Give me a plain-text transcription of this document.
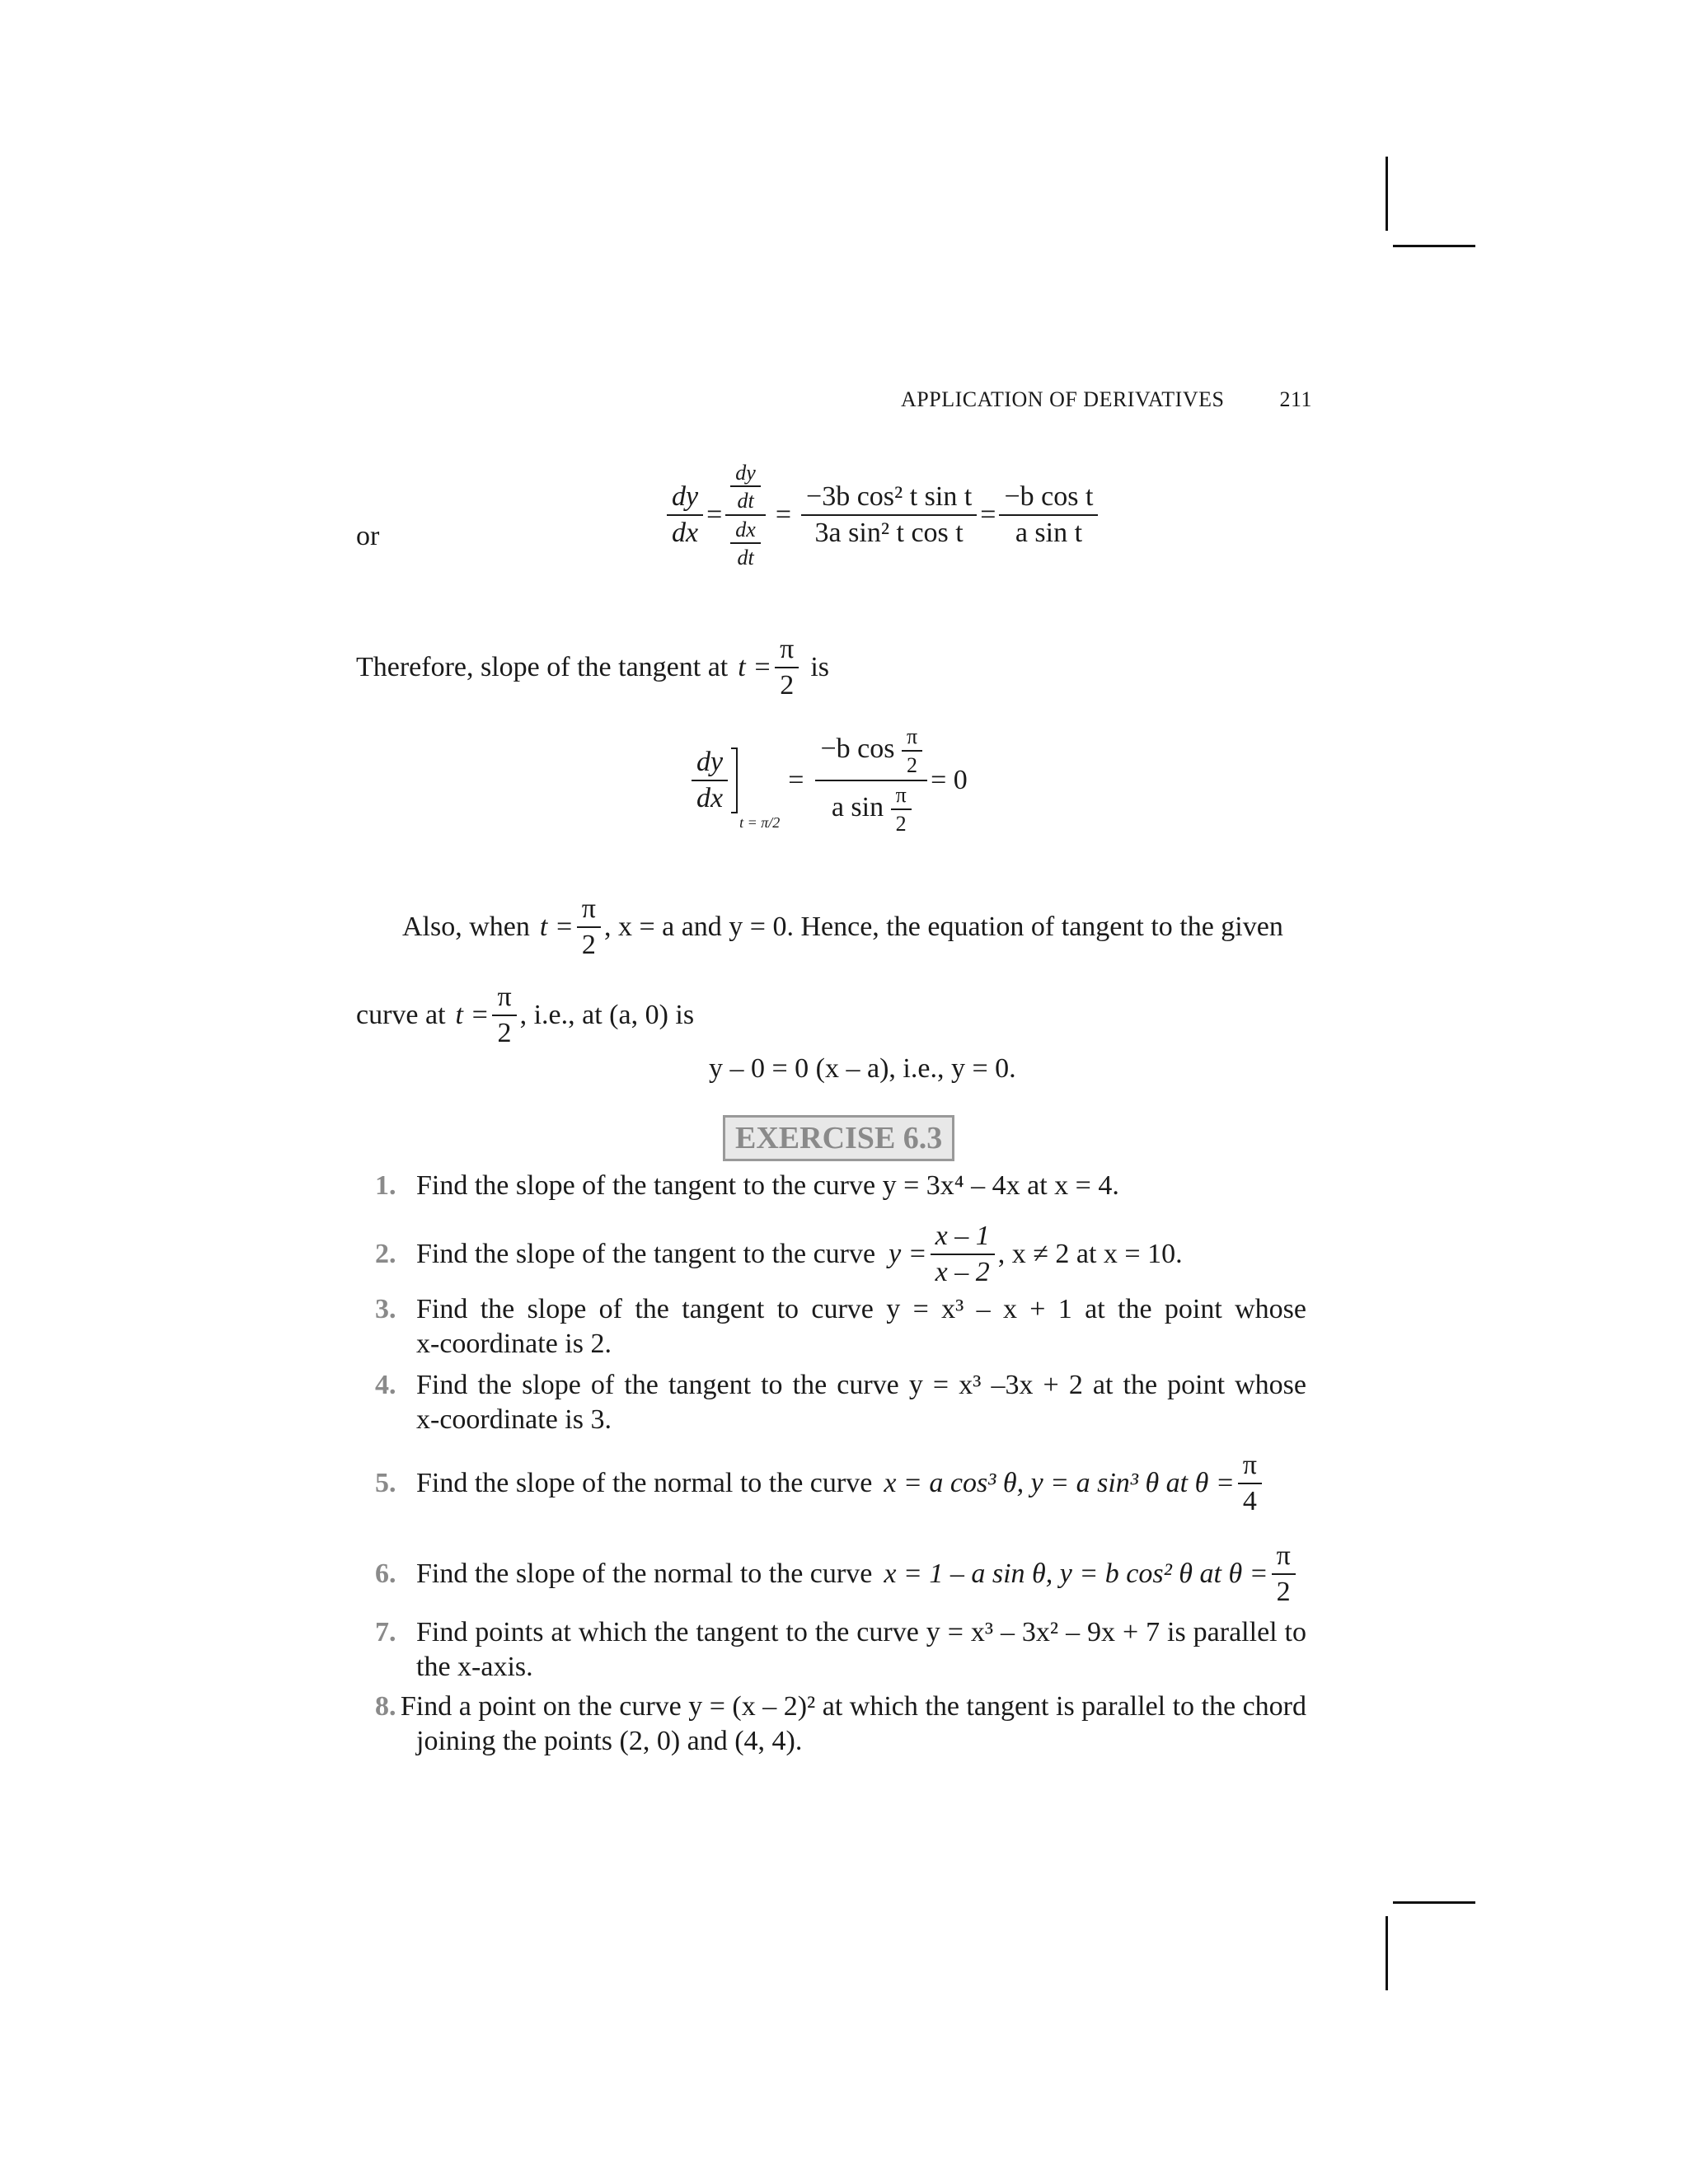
APPLICATION OF DERIVATIVES	211
or	$\frac{dy}{dx} = \frac{\frac{dy}{dt}}{\frac{dx}{dt}} = \frac{\text{−3b cos² t sin t}}{\text{3a sin² t cos t}} = \frac{\text{−b cos t}}{\text{a sin t}}$
Therefore, slope of the tangent at $t = \frac{\pi}{2}$ is
$\frac{dy}{dx}$
t = π/2
= $\frac{-b \cos \frac{\pi}{2}}{a \sin \frac{\pi}{2}} = 0$
Also, when $t = \frac{\pi}{2}$ , x = a and y = 0. Hence, the equation of tangent to the given
curve at $t = \frac{\pi}{2}$ , i.e., at (a, 0) is
y – 0 = 0 (x – a), i.e., y = 0.
EXERCISE 6.3
1. Find the slope of the tangent to the curve y = 3x⁴ – 4x at x = 4.
2. Find the slope of the tangent to the curve $y = \frac{x - 1}{x - 2}$ , x ≠ 2 at x = 10.
3. Find the slope of the tangent to curve y = x³ – x + 1 at the point whose
x-coordinate is 2.
4. Find the slope of the tangent to the curve y = x³ –3x + 2 at the point whose
x-coordinate is 3.
5. Find the slope of the normal to the curve x = a cos³ θ, y = a sin³ θ at $\theta = \frac{\pi}{4}$
6. Find the slope of the normal to the curve x = 1 – a sin θ, y = b cos² θ at $\theta = \frac{\pi}{2}$
7. Find points at which the tangent to the curve y = x³ – 3x² – 9x + 7 is parallel to
the x-axis.
8. Find a point on the curve y = (x – 2)² at which the tangent is parallel to the chord
joining the points (2, 0) and (4, 4).
